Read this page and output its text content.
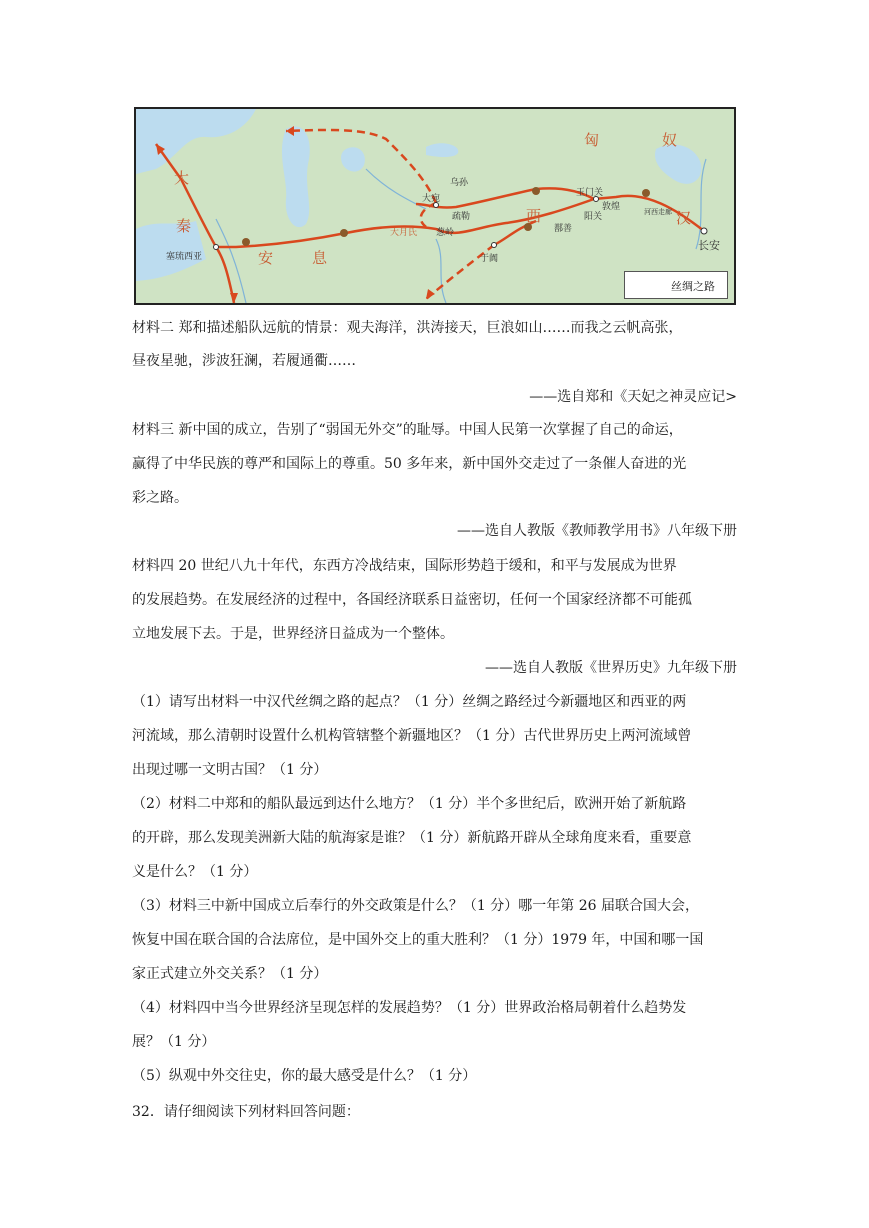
匈	奴
大
秦	汉
西
安	息
乌孙
大宛
疏勒
葱岭
大月氏
玉门关
敦煌
阳关	河西走廊
鄯善
于阗
长安
塞琉西亚
丝绸之路
材料二 郑和描述船队远航的情景：观夫海洋，洪涛接天，巨浪如山……而我之云帆高张，
昼夜星驰，涉波狂澜，若履通衢……
——选自郑和《天妃之神灵应记>
材料三 新中国的成立，告别了“弱国无外交”的耻辱。中国人民第一次掌握了自己的命运，
赢得了中华民族的尊严和国际上的尊重。50 多年来，新中国外交走过了一条催人奋进的光
彩之路。
——选自人教版《教师教学用书》八年级下册
材料四 20 世纪八九十年代，东西方冷战结束，国际形势趋于缓和，和平与发展成为世界
的发展趋势。在发展经济的过程中，各国经济联系日益密切，任何一个国家经济都不可能孤
立地发展下去。于是，世界经济日益成为一个整体。
——选自人教版《世界历史》九年级下册
（1）请写出材料一中汉代丝绸之路的起点？（1 分）丝绸之路经过今新疆地区和西亚的两
河流域，那么清朝时设置什么机构管辖整个新疆地区？（1 分）古代世界历史上两河流域曾
出现过哪一文明古国？（1 分）
（2）材料二中郑和的船队最远到达什么地方？（1 分）半个多世纪后，欧洲开始了新航路
的开辟，那么发现美洲新大陆的航海家是谁？（1 分）新航路开辟从全球角度来看，重要意
义是什么？（1 分）
（3）材料三中新中国成立后奉行的外交政策是什么？（1 分）哪一年第 26 届联合国大会，
恢复中国在联合国的合法席位，是中国外交上的重大胜利？（1 分）1979 年，中国和哪一国
家正式建立外交关系？（1 分）
（4）材料四中当今世界经济呈现怎样的发展趋势？（1 分）世界政治格局朝着什么趋势发
展？（1 分）
（5）纵观中外交往史，你的最大感受是什么？（1 分）
32．请仔细阅读下列材料回答问题：
